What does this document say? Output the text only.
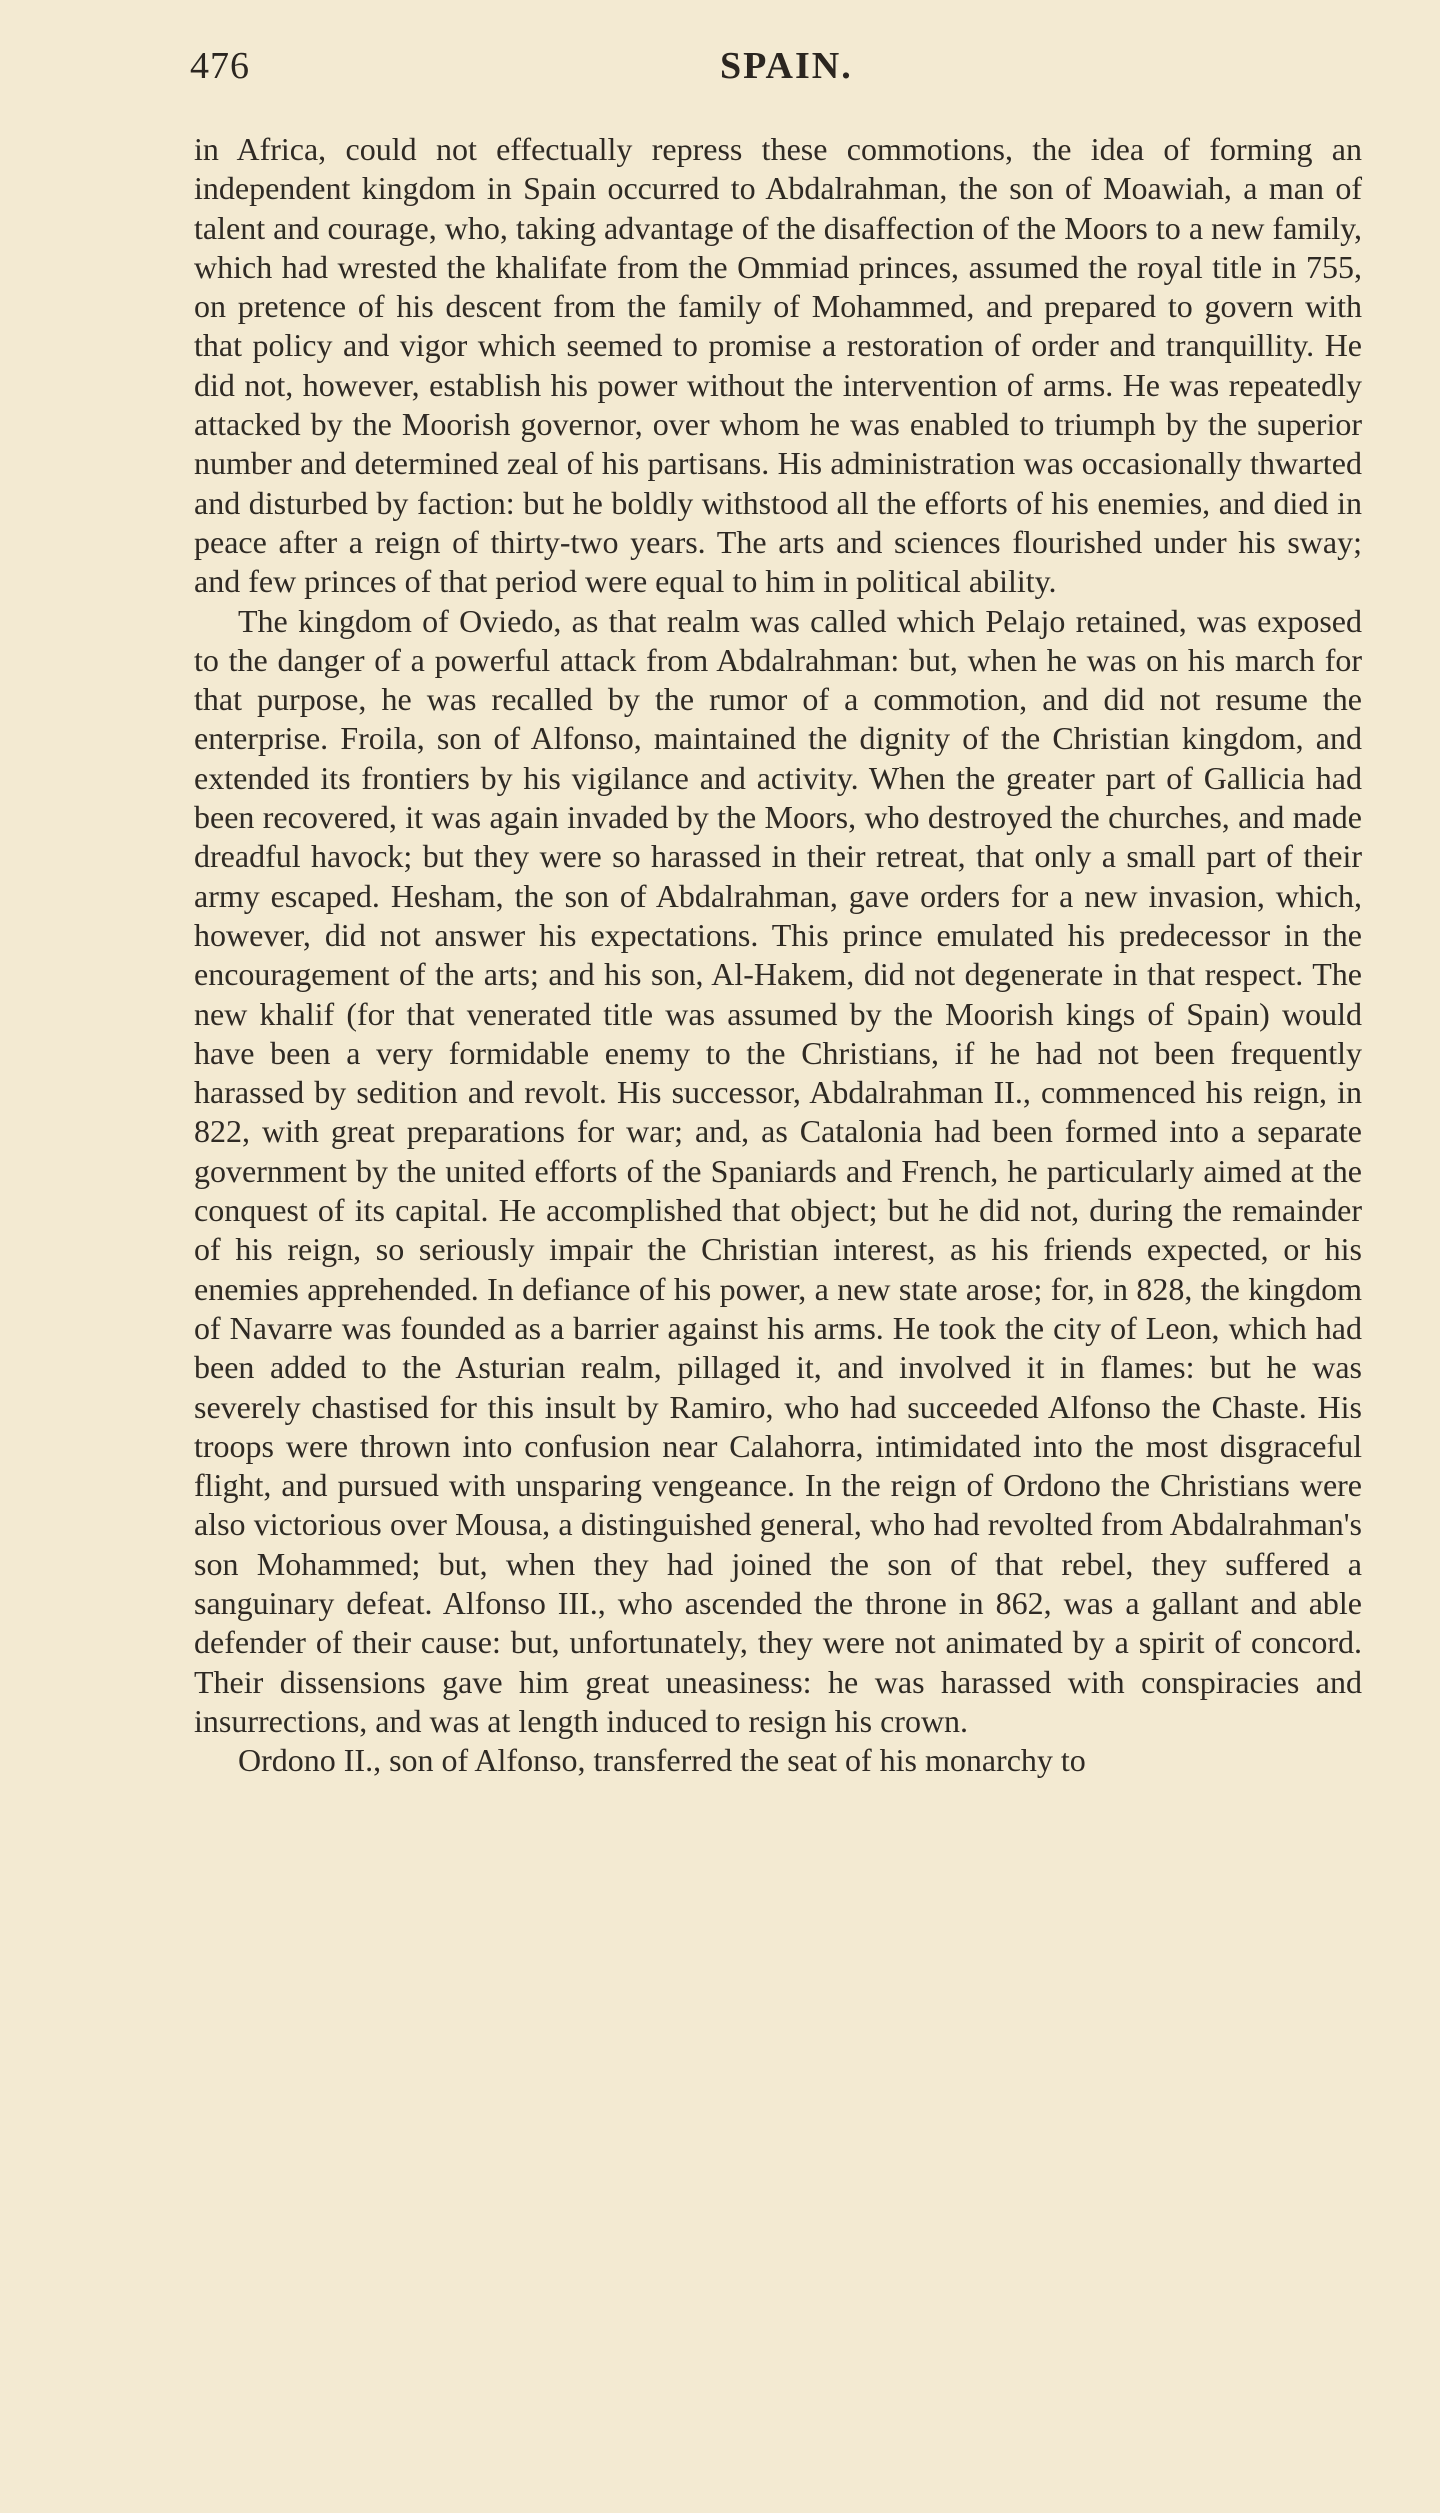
476	SPAIN.

in Africa, could not effectually repress these commotions, the idea of forming an independent kingdom in Spain occurred to Abdalrahman, the son of Moawiah, a man of talent and courage, who, taking advantage of the disaffection of the Moors to a new family, which had wrested the khalifate from the Ommiad princes, assumed the royal title in 755, on pretence of his descent from the family of Mohammed, and prepared to govern with that policy and vigor which seemed to promise a restoration of order and tranquillity. He did not, however, establish his power without the intervention of arms. He was repeatedly attacked by the Moorish governor, over whom he was enabled to triumph by the superior number and determined zeal of his partisans. His administration was occasionally thwarted and disturbed by faction: but he boldly withstood all the efforts of his enemies, and died in peace after a reign of thirty-two years. The arts and sciences flourished under his sway; and few princes of that period were equal to him in political ability.

The kingdom of Oviedo, as that realm was called which Pelajo retained, was exposed to the danger of a powerful attack from Abdalrahman: but, when he was on his march for that purpose, he was recalled by the rumor of a commotion, and did not resume the enterprise. Froila, son of Alfonso, maintained the dignity of the Christian kingdom, and extended its frontiers by his vigilance and activity. When the greater part of Gallicia had been recovered, it was again invaded by the Moors, who destroyed the churches, and made dreadful havock; but they were so harassed in their retreat, that only a small part of their army escaped. Hesham, the son of Abdalrahman, gave orders for a new invasion, which, however, did not answer his expectations. This prince emulated his predecessor in the encouragement of the arts; and his son, Al-Hakem, did not degenerate in that respect. The new khalif (for that venerated title was assumed by the Moorish kings of Spain) would have been a very formidable enemy to the Christians, if he had not been frequently harassed by sedition and revolt. His successor, Abdalrahman II., commenced his reign, in 822, with great preparations for war; and, as Catalonia had been formed into a separate government by the united efforts of the Spaniards and French, he particularly aimed at the conquest of its capital. He accomplished that object; but he did not, during the remainder of his reign, so seriously impair the Christian interest, as his friends expected, or his enemies apprehended. In defiance of his power, a new state arose; for, in 828, the kingdom of Navarre was founded as a barrier against his arms. He took the city of Leon, which had been added to the Asturian realm, pillaged it, and involved it in flames: but he was severely chastised for this insult by Ramiro, who had succeeded Alfonso the Chaste. His troops were thrown into confusion near Calahorra, intimidated into the most disgraceful flight, and pursued with unsparing vengeance. In the reign of Ordono the Christians were also victorious over Mousa, a distinguished general, who had revolted from Abdalrahman's son Mohammed; but, when they had joined the son of that rebel, they suffered a sanguinary defeat. Alfonso III., who ascended the throne in 862, was a gallant and able defender of their cause: but, unfortunately, they were not animated by a spirit of concord. Their dissensions gave him great uneasiness: he was harassed with conspiracies and insurrections, and was at length induced to resign his crown.

Ordono II., son of Alfonso, transferred the seat of his monarchy to
